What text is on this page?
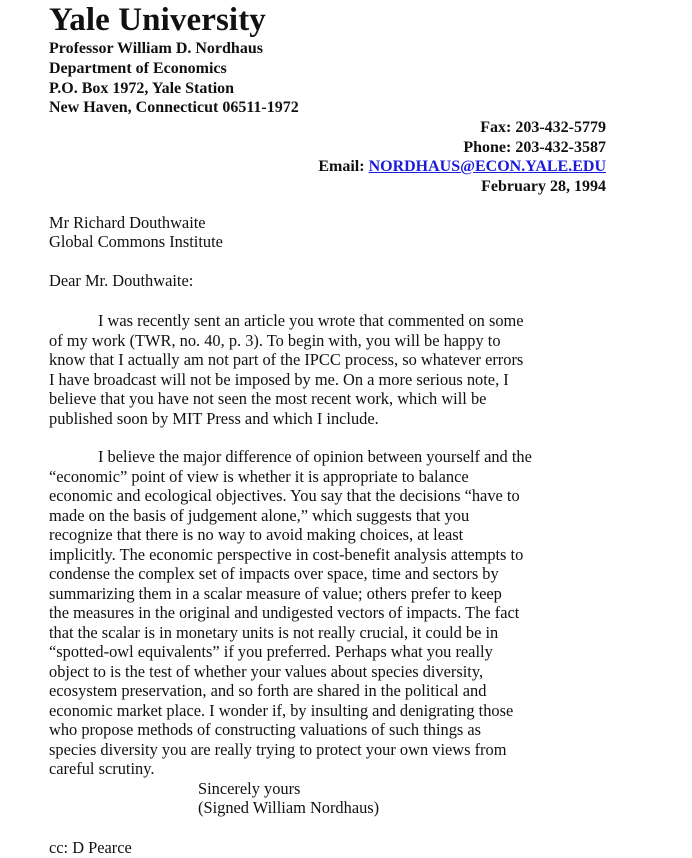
Yale University
Professor William D. Nordhaus
Department of Economics
P.O. Box 1972, Yale Station
New Haven, Connecticut 06511-1972
Fax: 203-432-5779
Phone: 203-432-3587
Email: NORDHAUS@ECON.YALE.EDU
February 28, 1994
Mr Richard Douthwaite
Global Commons Institute
Dear Mr. Douthwaite:
I was recently sent an article you wrote that commented on some
of my work (TWR, no. 40, p. 3). To begin with, you will be happy to
know that I actually am not part of the IPCC process, so whatever errors
I have broadcast will not be imposed by me. On a more serious note, I
believe that you have not seen the most recent work, which will be
published soon by MIT Press and which I include.
I believe the major difference of opinion between yourself and the
“economic” point of view is whether it is appropriate to balance
economic and ecological objectives. You say that the decisions “have to
made on the basis of judgement alone,” which suggests that you
recognize that there is no way to avoid making choices, at least
implicitly. The economic perspective in cost-benefit analysis attempts to
condense the complex set of impacts over space, time and sectors by
summarizing them in a scalar measure of value; others prefer to keep
the measures in the original and undigested vectors of impacts. The fact
that the scalar is in monetary units is not really crucial, it could be in
“spotted-owl equivalents” if you preferred. Perhaps what you really
object to is the test of whether your values about species diversity,
ecosystem preservation, and so forth are shared in the political and
economic market place. I wonder if, by insulting and denigrating those
who propose methods of constructing valuations of such things as
species diversity you are really trying to protect your own views from
careful scrutiny.
Sincerely yours
(Signed William Nordhaus)
cc: D Pearce
